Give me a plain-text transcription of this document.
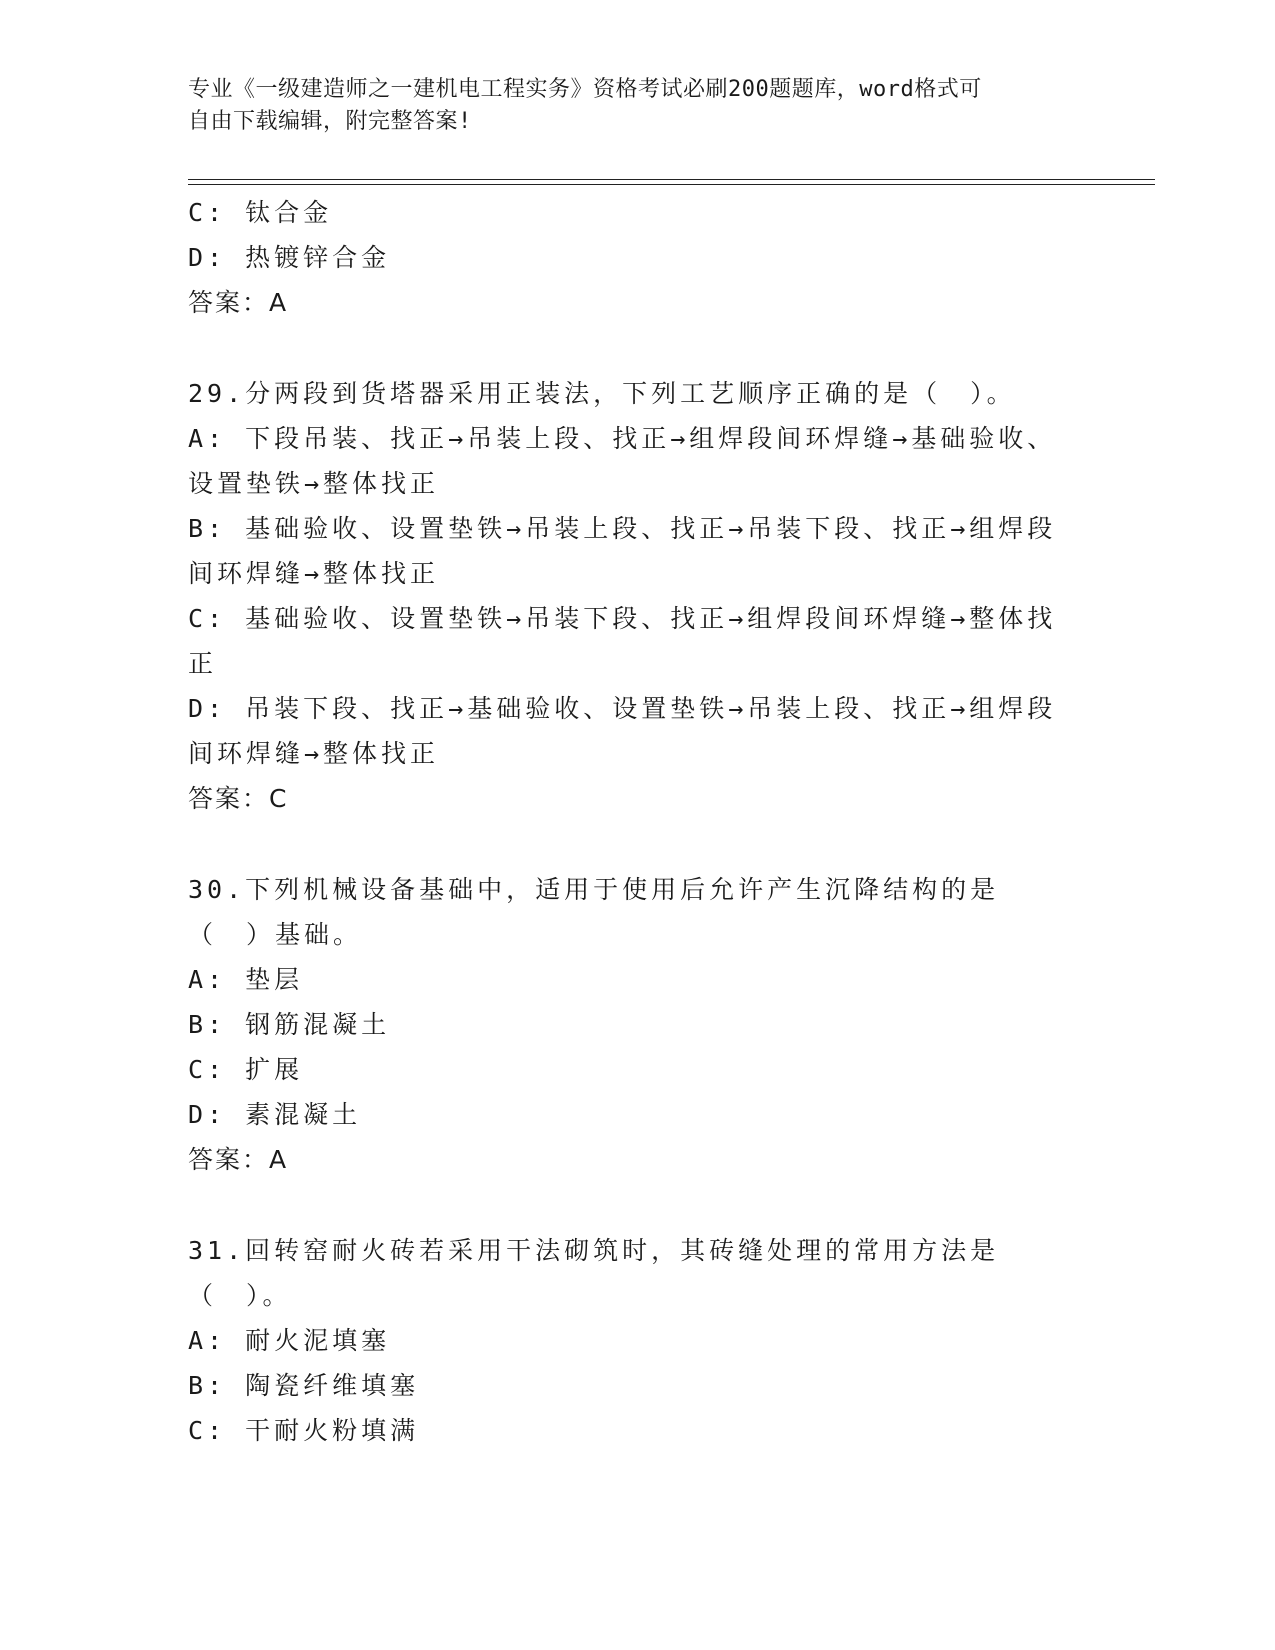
专业《一级建造师之一建机电工程实务》资格考试必刷200题题库，word格式可
自由下载编辑，附完整答案!
C: 钛合金
D: 热镀锌合金
答案：A
29.分两段到货塔器采用正装法，下列工艺顺序正确的是（　）。
A: 下段吊装、找正→吊装上段、找正→组焊段间环焊缝→基础验收、设置垫铁→整体找正
B: 基础验收、设置垫铁→吊装上段、找正→吊装下段、找正→组焊段间环焊缝→整体找正
C: 基础验收、设置垫铁→吊装下段、找正→组焊段间环焊缝→整体找正
D: 吊装下段、找正→基础验收、设置垫铁→吊装上段、找正→组焊段间环焊缝→整体找正
答案：C
30.下列机械设备基础中，适用于使用后允许产生沉降结构的是（　）基础。
A: 垫层
B: 钢筋混凝土
C: 扩展
D: 素混凝土
答案：A
31.回转窑耐火砖若采用干法砌筑时，其砖缝处理的常用方法是（　）。
A: 耐火泥填塞
B: 陶瓷纤维填塞
C: 干耐火粉填满
